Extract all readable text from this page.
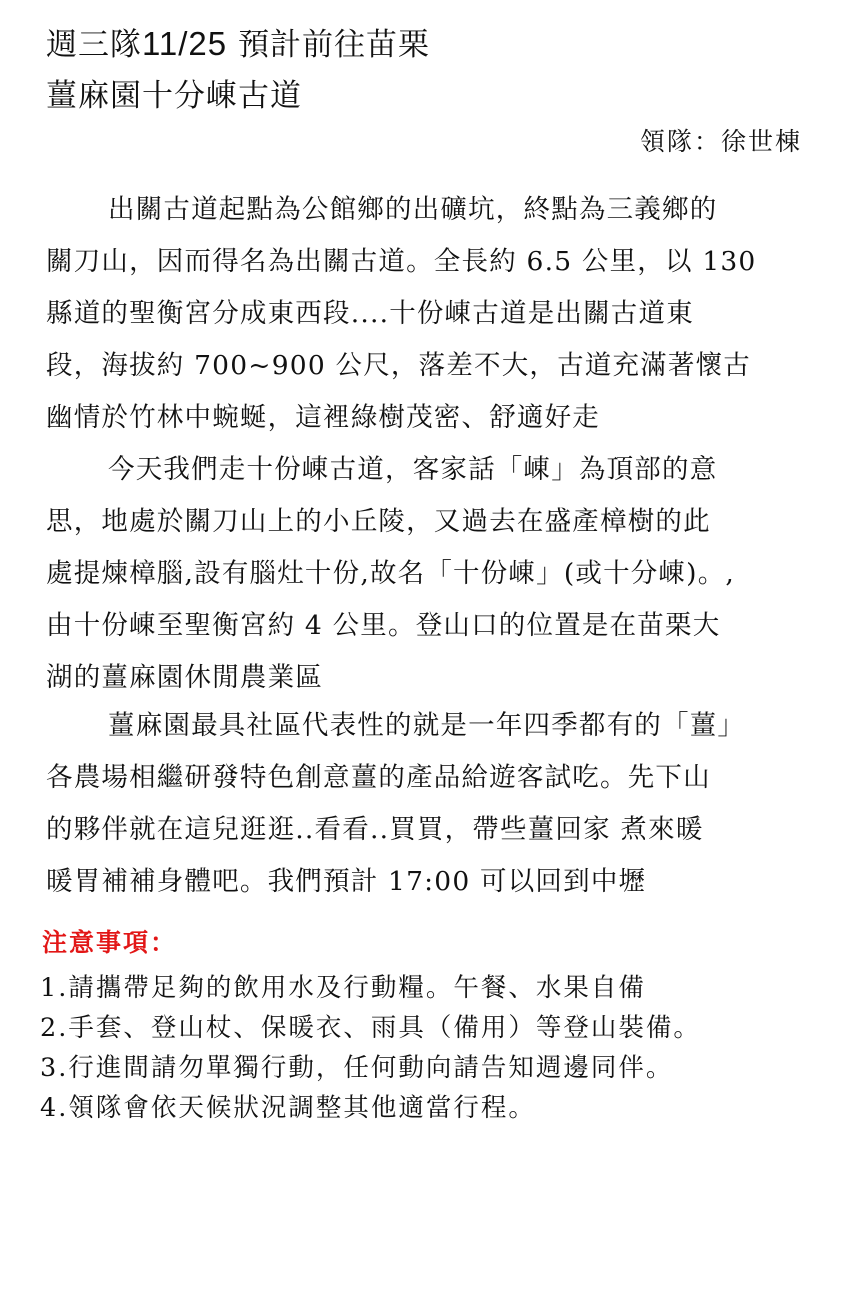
週三隊11/25 預計前往苗栗
薑麻園十分崠古道
領隊：徐世棟
出關古道起點為公館鄉的出礦坑，終點為三義鄉的
關刀山，因而得名為出關古道。全長約 6.5 公里，以 130
縣道的聖衡宮分成東西段....十份崠古道是出關古道東
段，海拔約 700~900 公尺，落差不大，古道充滿著懷古
幽情於竹林中蜿蜒，這裡綠樹茂密、舒適好走
今天我們走十份崠古道，客家話「崠」為頂部的意
思，地處於關刀山上的小丘陵，又過去在盛產樟樹的此
處提煉樟腦,設有腦灶十份,故名「十份崠」(或十分崠)。,
由十份崠至聖衡宮約 4 公里。登山口的位置是在苗栗大
湖的薑麻園休閒農業區
薑麻園最具社區代表性的就是一年四季都有的「薑」
各農場相繼研發特色創意薑的產品給遊客試吃。先下山
的夥伴就在這兒逛逛..看看..買買，帶些薑回家 煮來暖
暖胃補補身體吧。我們預計 17:00 可以回到中壢
注意事項：
1.請攜帶足夠的飲用水及行動糧。午餐、水果自備
2.手套、登山杖、保暖衣、雨具（備用）等登山裝備。
3.行進間請勿單獨行動，任何動向請告知週邊同伴。
4.領隊會依天候狀況調整其他適當行程。
